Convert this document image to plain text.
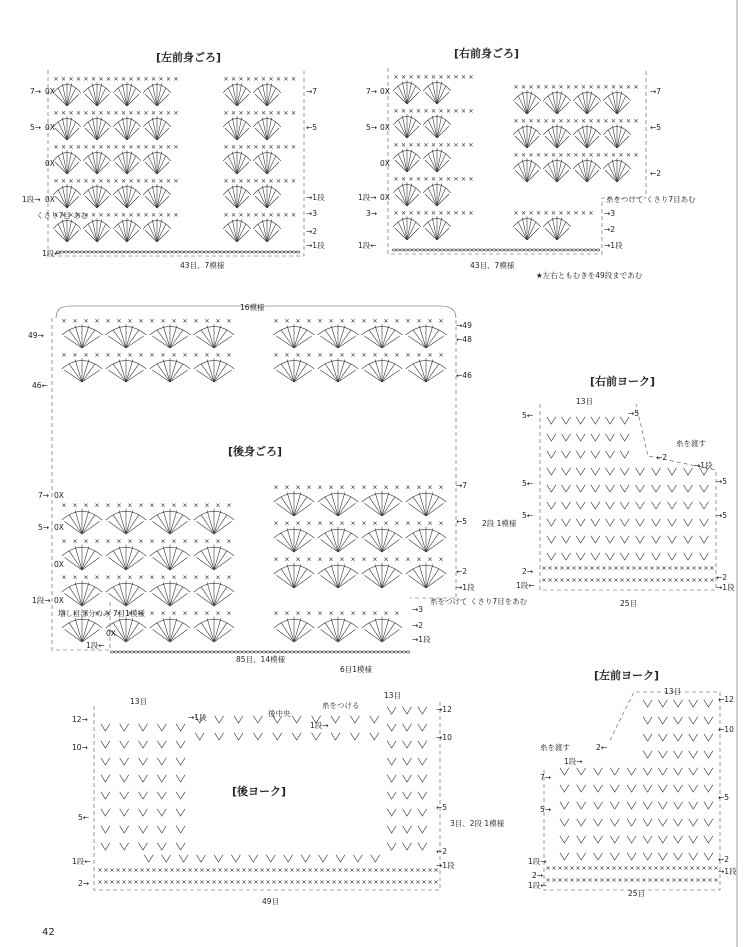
[左前身ごろ]
7→
5→
1段→
1段←
0X
0X
0X
0X
くさり7目 あむ
→7
←5
→1段
→3
→2
→1段
43目、7模様
[右前身ごろ]
7→
5→
1段→
3→
1段←
0X
0X
0X
0X
→7
←5
←2
→3
→2
→1段
糸をつけて くさり7目あむ
43目、7模様
★左右ともむきを49段まであむ
16模様
[後身ごろ]
49→
46←
7→
5→
1段→
1段←
0X
0X
0X
0X
0X
増し目部分のみ 7目1模様
→49
←48
←46
→7
←5
←2
→1段
→3
→2
→1段
2段 1模様
糸をつけて くさり7目をあむ
85目、14模様
6目1模様
[右前ヨーク]
13目
5←
5←
5←
2→
1段←
→5
→1段
→5
→5
←2
→1段
糸を渡す
←2
25目
13目
13目
[後ヨーク]
12→
10→
5←
2→
1段←
→1段	後中央
1段→
糸をつける	→12
→10
←5
←2
→1段
3目、2段 1模様
49目
[左前ヨーク]
13目
7→
5→
1段→
2→
1段←
←12
←10
←5
←2
→1段
糸を渡す	2←
1段→
25目
42
